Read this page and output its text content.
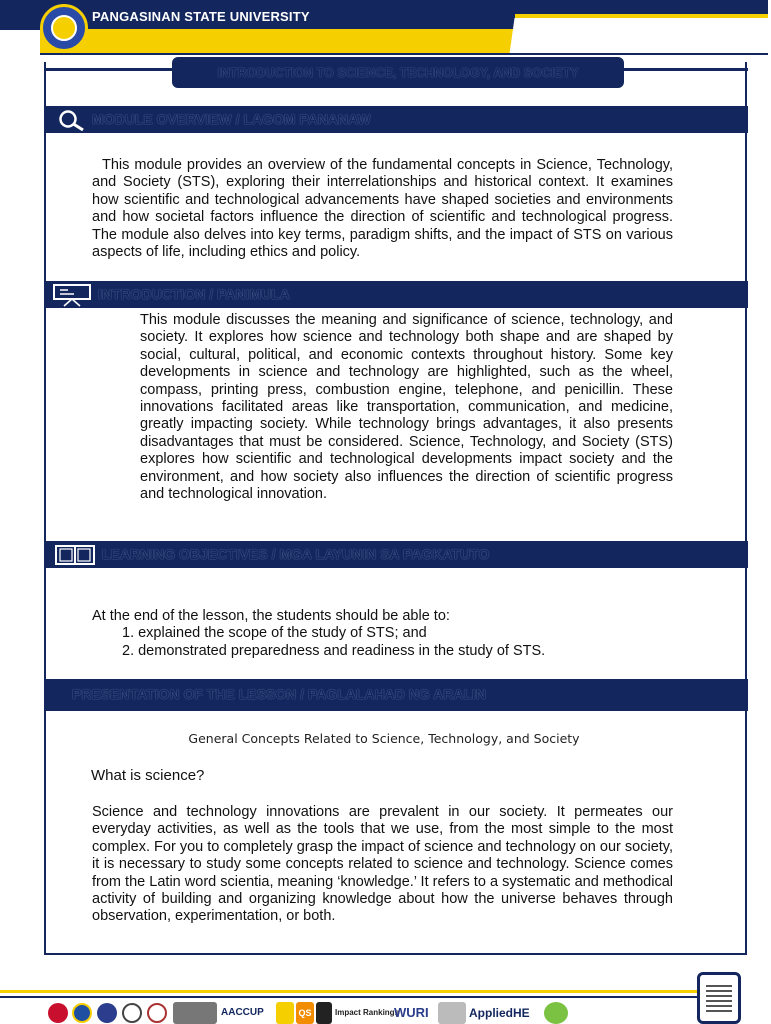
PANGASINAN STATE UNIVERSITY
INTRODUCTION TO SCIENCE, TECHNOLOGY, AND SOCIETY
MODULE OVERVIEW / LAGOM PANANAW

This module provides an overview of the fundamental concepts in Science, Technology, and Society (STS), exploring their interrelationships and historical context. It examines how scientific and technological advancements have shaped societies and environments and how societal factors influence the direction of scientific and technological progress. The module also delves into key terms, paradigm shifts, and the impact of STS on various aspects of life, including ethics and policy.

INTRODUCTION / PANIMULA

This module discusses the meaning and significance of science, technology, and society. It explores how science and technology both shape and are shaped by social, cultural, political, and economic contexts throughout history. Some key developments in science and technology are highlighted, such as the wheel, compass, printing press, combustion engine, telephone, and penicillin. These innovations facilitated areas like transportation, communication, and medicine, greatly impacting society. While technology brings advantages, it also presents disadvantages that must be considered. Science, Technology, and Society (STS) explores how scientific and technological developments impact society and the environment, and how society also influences the direction of scientific progress and technological innovation.

LEARNING OBJECTIVES / MGA LAYUNIN SA PAGKATUTO

At the end of the lesson, the students should be able to:

1. explained the scope of the study of STS; and

2. demonstrated preparedness and readiness in the study of STS.

PRESENTATION OF THE LESSON / PAGLALAHAD NG ARALIN
General Concepts Related to Science, Technology, and Society

What is science?

Science and technology innovations are prevalent in our society. It permeates our everyday activities, as well as the tools that we use, from the most simple to the most complex. For you to completely grasp the impact of science and technology on our society, it is necessary to study some concepts related to science and technology. Science comes from the Latin word scientia, meaning ‘knowledge.’ It refers to a systematic and methodical activity of building and organizing knowledge about how the universe behaves through observation, experimentation, or both.

AACCUP	QS	Impact Rankings
WURI	AppliedHE
